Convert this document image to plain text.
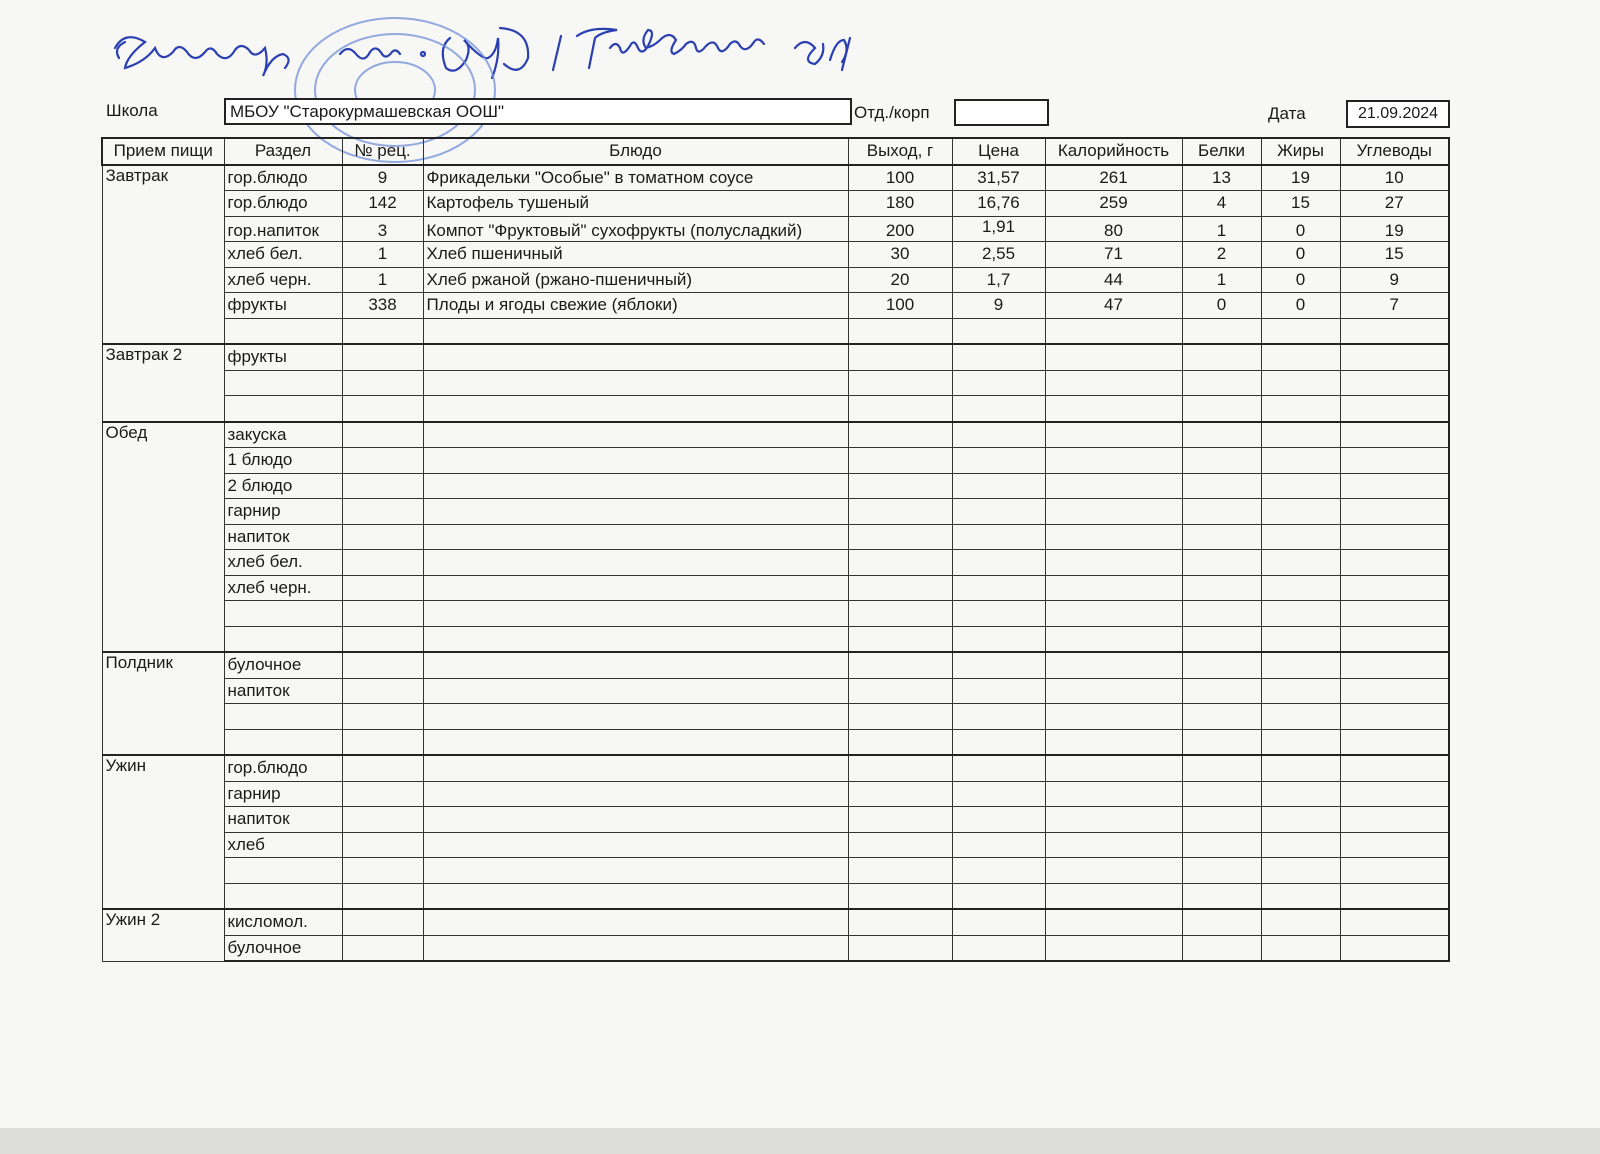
Школа	МБОУ "Старокурмашевская ООШ"	Отд./корп	Дата	21.09.2024
Прием пищи	Раздел	№ рец.	Блюдо	Выход, г	Цена	Калорийность	Белки	Жиры	Углеводы
Завтрак	гор.блюдо	9	Фрикадельки "Особые" в томатном соусе	100	31,57	261	13	19	10
	гор.блюдо	142	Картофель тушеный	180	16,76	259	4	15	27
	гор.напиток	3	Компот "Фруктовый" сухофрукты (полусладкий)	200	1,91	80	1	0	19
	хлеб бел.	1	Хлеб пшеничный	30	2,55	71	2	0	15
	хлеб черн.	1	Хлеб ржаной (ржано-пшеничный)	20	1,7	44	1	0	9
	фрукты	338	Плоды и ягоды свежие (яблоки)	100	9	47	0	0	7

Завтрак 2	фрукты								

Обед	закуска								
	1 блюдо								
	2 блюдо								
	гарнир								
	напиток								
	хлеб бел.								
	хлеб черн.								

Полдник	булочное								
	напиток								

Ужин	гор.блюдо								
	гарнир								
	напиток								
	хлеб								

Ужин 2	кисломол.								
	булочное								
